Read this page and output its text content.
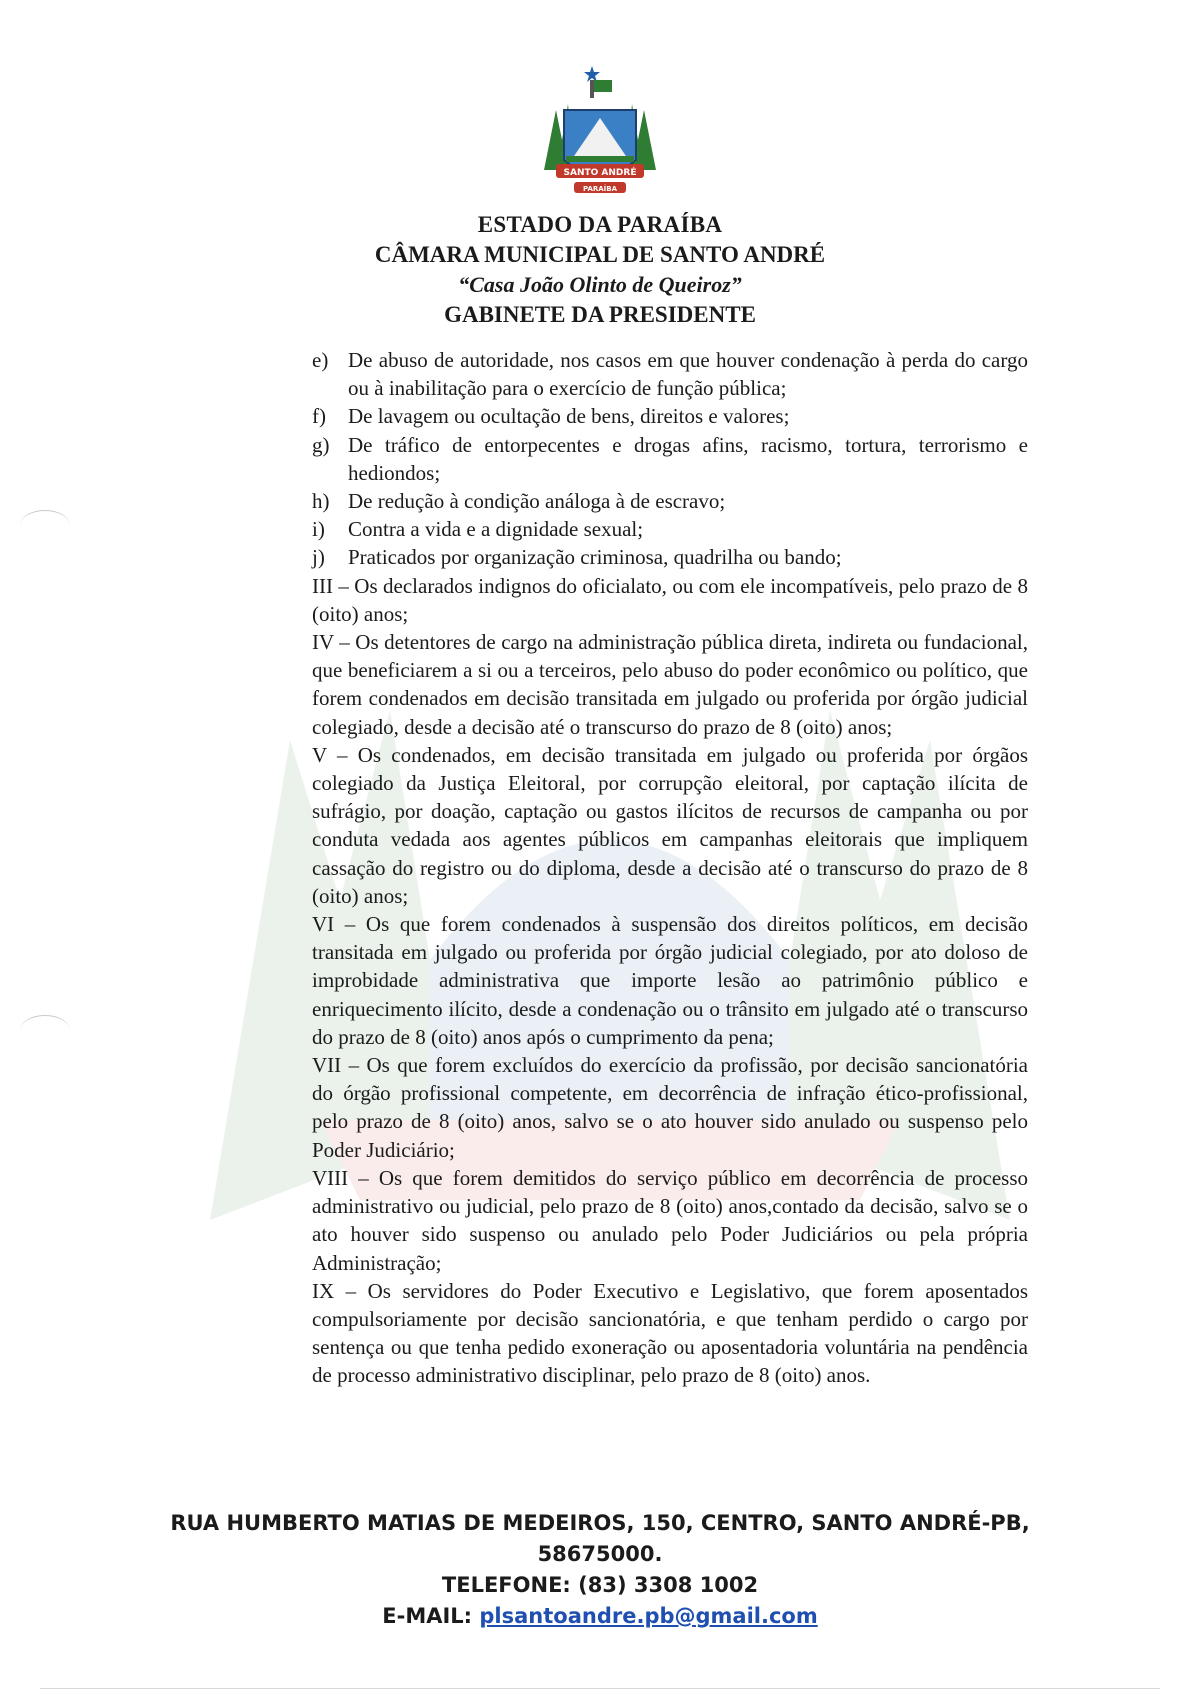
SANTO ANDRÉ
PARAÍBA

ESTADO DA PARAÍBA

CÂMARA MUNICIPAL DE SANTO ANDRÉ

“Casa João Olinto de Queiroz”

GABINETE DA PRESIDENTE

e) De abuso de autoridade, nos casos em que houver condenação à perda do cargo ou à inabilitação para o exercício de função pública;
f)	De lavagem ou ocultação de bens, direitos e valores;
g) De tráfico de entorpecentes e drogas afins, racismo, tortura, terrorismo e hediondos;
h) De redução à condição análoga à de escravo;
i)	Contra a vida e a dignidade sexual;
j)	Praticados por organização criminosa, quadrilha ou bando;

III – Os declarados indignos do oficialato, ou com ele incompatíveis, pelo prazo de 8 (oito) anos;

IV – Os detentores de cargo na administração pública direta, indireta ou fundacional, que beneficiarem a si ou a terceiros, pelo abuso do poder econômico ou político, que forem condenados em decisão transitada em julgado ou proferida por órgão judicial colegiado, desde a decisão até o transcurso do prazo de 8 (oito) anos;

V – Os condenados, em decisão transitada em julgado ou proferida por órgãos colegiado da Justiça Eleitoral, por corrupção eleitoral, por captação ilícita de sufrágio, por doação, captação ou gastos ilícitos de recursos de campanha ou por conduta vedada aos agentes públicos em campanhas eleitorais que impliquem cassação do registro ou do diploma, desde a decisão até o transcurso do prazo de 8 (oito) anos;

VI – Os que forem condenados à suspensão dos direitos políticos, em decisão transitada em julgado ou proferida por órgão judicial colegiado, por ato doloso de improbidade administrativa que importe lesão ao patrimônio público e enriquecimento ilícito, desde a condenação ou o trânsito em julgado até o transcurso do prazo de 8 (oito) anos após o cumprimento da pena;

VII – Os que forem excluídos do exercício da profissão, por decisão sancionatória do órgão profissional competente, em decorrência de infração ético-profissional, pelo prazo de 8 (oito) anos, salvo se o ato houver sido anulado ou suspenso pelo Poder Judiciário;

VIII – Os que forem demitidos do serviço público em decorrência de processo administrativo ou judicial, pelo prazo de 8 (oito) anos,contado da decisão, salvo se o ato houver sido suspenso ou anulado pelo Poder Judiciários ou pela própria Administração;

IX – Os servidores do Poder Executivo e Legislativo, que forem aposentados compulsoriamente por decisão sancionatória, e que tenham perdido o cargo por sentença ou que tenha pedido exoneração ou aposentadoria voluntária na pendência de processo administrativo disciplinar, pelo prazo de 8 (oito) anos.

RUA HUMBERTO MATIAS DE MEDEIROS, 150, CENTRO, SANTO ANDRÉ-PB,

58675000.

TELEFONE: (83) 3308 1002

E-MAIL: plsantoandre.pb@gmail.com
